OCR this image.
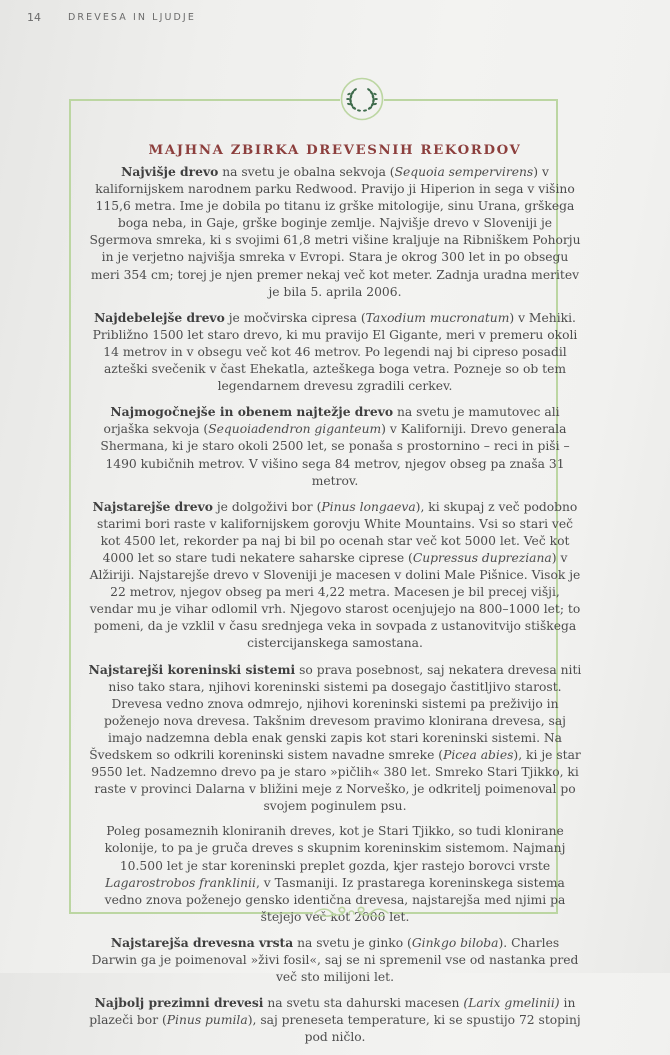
14	DREVESA IN LJUDJE
MAJHNA ZBIRKA DREVESNIH REKORDOV

Najvišje drevo na svetu je obalna sekvoja (Sequoia sempervirens) v kalifornijskem narodnem parku Redwood. Pravijo ji Hiperion in sega v višino 115,6 metra. Ime je dobila po titanu iz grške mitologije, sinu Urana, grškega boga neba, in Gaje, grške boginje zemlje. Najvišje drevo v Sloveniji je Sgermova smreka, ki s svojimi 61,8 metri višine kraljuje na Ribniškem Pohorju in je verjetno najvišja smreka v Evropi. Stara je okrog 300 let in po obsegu meri 354 cm; torej je njen premer nekaj več kot meter. Zadnja uradna meritev je bila 5. aprila 2006.

Najdebelejše drevo je močvirska cipresa (Taxodium mucronatum) v Mehiki. Približno 1500 let staro drevo, ki mu pravijo El Gigante, meri v premeru okoli 14 metrov in v obsegu več kot 46 metrov. Po legendi naj bi cipreso posadil azteški svečenik v čast Ehekatla, azteškega boga vetra. Pozneje so ob tem legendarnem drevesu zgradili cerkev.

Najmogočnejše in obenem najtežje drevo na svetu je mamutovec ali orjaška sekvoja (Sequoiadendron giganteum) v Kaliforniji. Drevo generala Shermana, ki je staro okoli 2500 let, se ponaša s prostornino – reci in piši – 1490 kubičnih metrov. V višino sega 84 metrov, njegov obseg pa znaša 31 metrov.

Najstarejše drevo je dolgoživi bor (Pinus longaeva), ki skupaj z več podobno starimi bori raste v kalifornijskem gorovju White Mountains. Vsi so stari več kot 4500 let, rekorder pa naj bi bil po ocenah star več kot 5000 let. Več kot 4000 let so stare tudi nekatere saharske ciprese (Cupressus dupreziana) v Alžiriji. Najstarejše drevo v Sloveniji je macesen v dolini Male Pišnice. Visok je 22 metrov, njegov obseg pa meri 4,22 metra. Macesen je bil precej višji, vendar mu je vihar odlomil vrh. Njegovo starost ocenjujejo na 800–1000 let; to pomeni, da je vzklil v času srednjega veka in sovpada z ustanovitvijo stiškega cistercijanskega samostana.

Najstarejši koreninski sistemi so prava posebnost, saj nekatera drevesa niti niso tako stara, njihovi koreninski sistemi pa dosegajo častitljivo starost. Drevesa vedno znova odmrejo, njihovi koreninski sistemi pa preživijo in poženejo nova drevesa. Takšnim drevesom pravimo klonirana drevesa, saj imajo nadzemna debla enak genski zapis kot stari koreninski sistemi. Na Švedskem so odkrili koreninski sistem navadne smreke (Picea abies), ki je star 9550 let. Nadzemno drevo pa je staro »pičlih« 380 let. Smreko Stari Tjikko, ki raste v provinci Dalarna v bližini meje z Norveško, je odkritelj poimenoval po svojem poginulem psu.

Poleg posameznih kloniranih dreves, kot je Stari Tjikko, so tudi klonirane kolonije, to pa je gruča dreves s skupnim koreninskim sistemom. Najmanj 10.500 let je star koreninski preplet gozda, kjer rastejo borovci vrste Lagarostrobos franklinii, v Tasmaniji. Iz prastarega koreninskega sistema vedno znova poženejo gensko identična drevesa, najstarejša med njimi pa štejejo več kot 2000 let.

Najstarejša drevesna vrsta na svetu je ginko (Ginkgo biloba). Charles Darwin ga je poimenoval »živi fosil«, saj se ni spremenil vse od nastanka pred več sto milijoni let.

Najbolj prezimni drevesi na svetu sta dahurski macesen (Larix gmelinii) in plazeči bor (Pinus pumila), saj preneseta temperature, ki se spustijo 72 stopinj pod ničlo.
